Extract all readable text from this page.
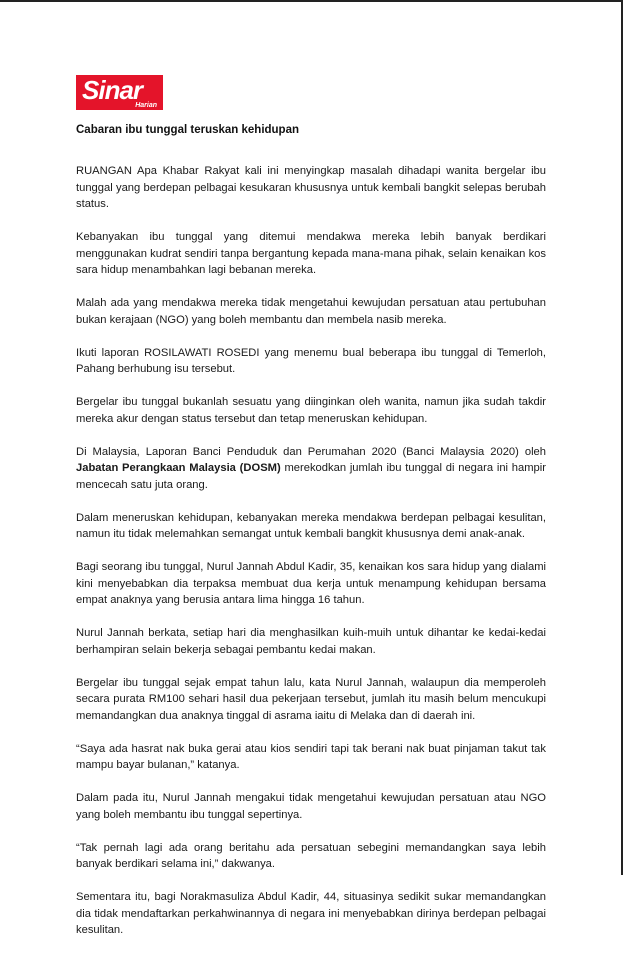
Sinar
Harian
Cabaran ibu tunggal teruskan kehidupan

RUANGAN Apa Khabar Rakyat kali ini menyingkap masalah dihadapi wanita bergelar ibu tunggal yang berdepan pelbagai kesukaran khususnya untuk kembali bangkit selepas berubah status.

Kebanyakan ibu tunggal yang ditemui mendakwa mereka lebih banyak berdikari menggunakan kudrat sendiri tanpa bergantung kepada mana-mana pihak, selain kenaikan kos sara hidup menambahkan lagi bebanan mereka.

Malah ada yang mendakwa mereka tidak mengetahui kewujudan persatuan atau pertubuhan bukan kerajaan (NGO) yang boleh membantu dan membela nasib mereka.

Ikuti laporan ROSILAWATI ROSEDI yang menemu bual beberapa ibu tunggal di Temerloh, Pahang berhubung isu tersebut.

Bergelar ibu tunggal bukanlah sesuatu yang diinginkan oleh wanita, namun jika sudah takdir mereka akur dengan status tersebut dan tetap meneruskan kehidupan.

Di Malaysia, Laporan Banci Penduduk dan Perumahan 2020 (Banci Malaysia 2020) oleh Jabatan Perangkaan Malaysia (DOSM) merekodkan jumlah ibu tunggal di negara ini hampir mencecah satu juta orang.

Dalam meneruskan kehidupan, kebanyakan mereka mendakwa berdepan pelbagai kesulitan, namun itu tidak melemahkan semangat untuk kembali bangkit khususnya demi anak-anak.

Bagi seorang ibu tunggal, Nurul Jannah Abdul Kadir, 35, kenaikan kos sara hidup yang dialami kini menyebabkan dia terpaksa membuat dua kerja untuk menampung kehidupan bersama empat anaknya yang berusia antara lima hingga 16 tahun.

Nurul Jannah berkata, setiap hari dia menghasilkan kuih-muih untuk dihantar ke kedai-kedai berhampiran selain bekerja sebagai pembantu kedai makan.

Bergelar ibu tunggal sejak empat tahun lalu, kata Nurul Jannah, walaupun dia memperoleh secara purata RM100 sehari hasil dua pekerjaan tersebut, jumlah itu masih belum mencukupi memandangkan dua anaknya tinggal di asrama iaitu di Melaka dan di daerah ini.

“Saya ada hasrat nak buka gerai atau kios sendiri tapi tak berani nak buat pinjaman takut tak mampu bayar bulanan,” katanya.

Dalam pada itu, Nurul Jannah mengakui tidak mengetahui kewujudan persatuan atau NGO yang boleh membantu ibu tunggal sepertinya.

“Tak pernah lagi ada orang beritahu ada persatuan sebegini memandangkan saya lebih banyak berdikari selama ini,” dakwanya.

Sementara itu, bagi Norakmasuliza Abdul Kadir, 44, situasinya sedikit sukar memandangkan dia tidak mendaftarkan perkahwinannya di negara ini menyebabkan dirinya berdepan pelbagai kesulitan.
